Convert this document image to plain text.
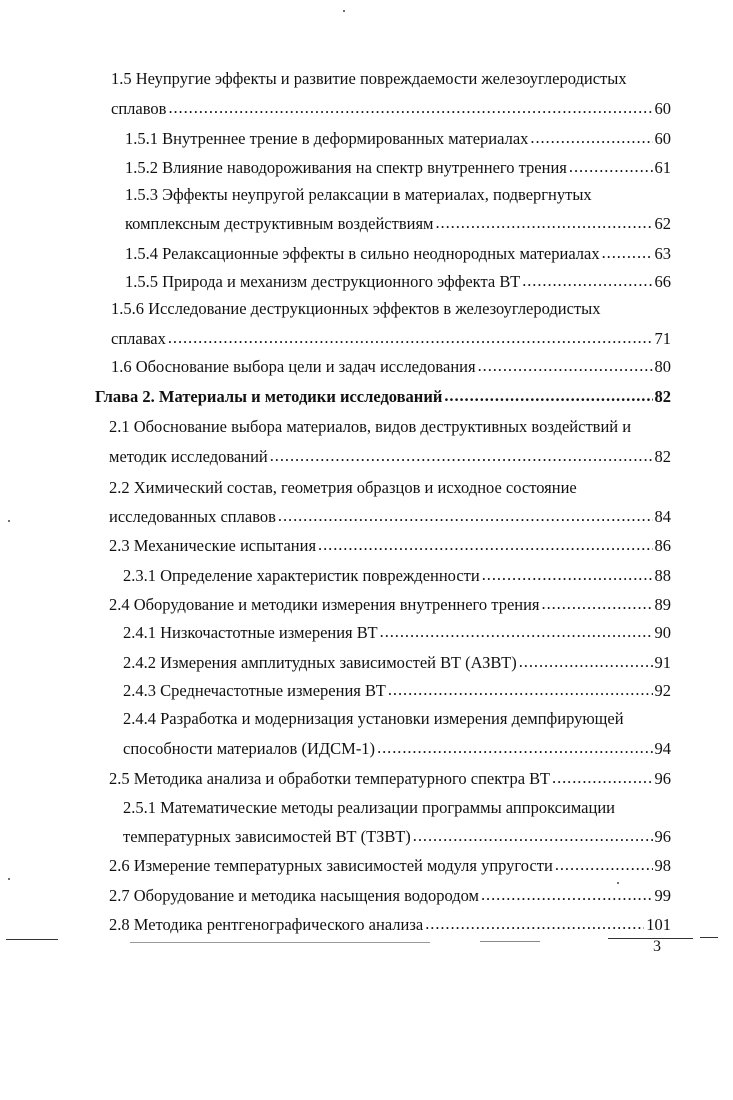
1.5 Неупругие эффекты и развитие повреждаемости железоуглеродистых
сплавов . . .	60
1.5.1 Внутреннее трение в деформированных материалах . . .	60
1.5.2 Влияние наводороживания на спектр внутреннего трения . . .	61
1.5.3 Эффекты неупругой релаксации в материалах, подвергнутых
комплексным деструктивным воздействиям . . .	62
1.5.4 Релаксационные эффекты в сильно неоднородных материалах . . .	63
1.5.5 Природа и механизм деструкционного эффекта ВТ . . .	66
1.5.6 Исследование деструкционных эффектов в железоуглеродистых
сплавах . . .	71
1.6 Обоснование выбора цели и задач исследования . . .	80
Глава 2. Материалы и методики исследований . . .	82
2.1 Обоснование выбора материалов, видов деструктивных воздействий и
методик исследований . . .	82
2.2 Химический состав, геометрия образцов и исходное состояние
исследованных сплавов . . .	84
2.3 Механические испытания . . .	86
2.3.1 Определение характеристик поврежденности . . .	88
2.4 Оборудование и методики измерения внутреннего трения . . .	89
2.4.1 Низкочастотные измерения ВТ . . .	90
2.4.2 Измерения амплитудных зависимостей ВТ (АЗВТ) . . .	91
2.4.3 Среднечастотные измерения ВТ . . .	92
2.4.4 Разработка и модернизация установки измерения демпфирующей
способности материалов (ИДСМ-1) . . .	94
2.5 Методика анализа и обработки температурного спектра ВТ . . .	96
2.5.1 Математические методы реализации программы аппроксимации
температурных зависимостей ВТ (ТЗВТ) . . .	96
2.6 Измерение температурных зависимостей модуля упругости . . .	98
2.7 Оборудование и методика насыщения водородом . . .	99
2.8 Методика рентгенографического анализа . . .	101
3
